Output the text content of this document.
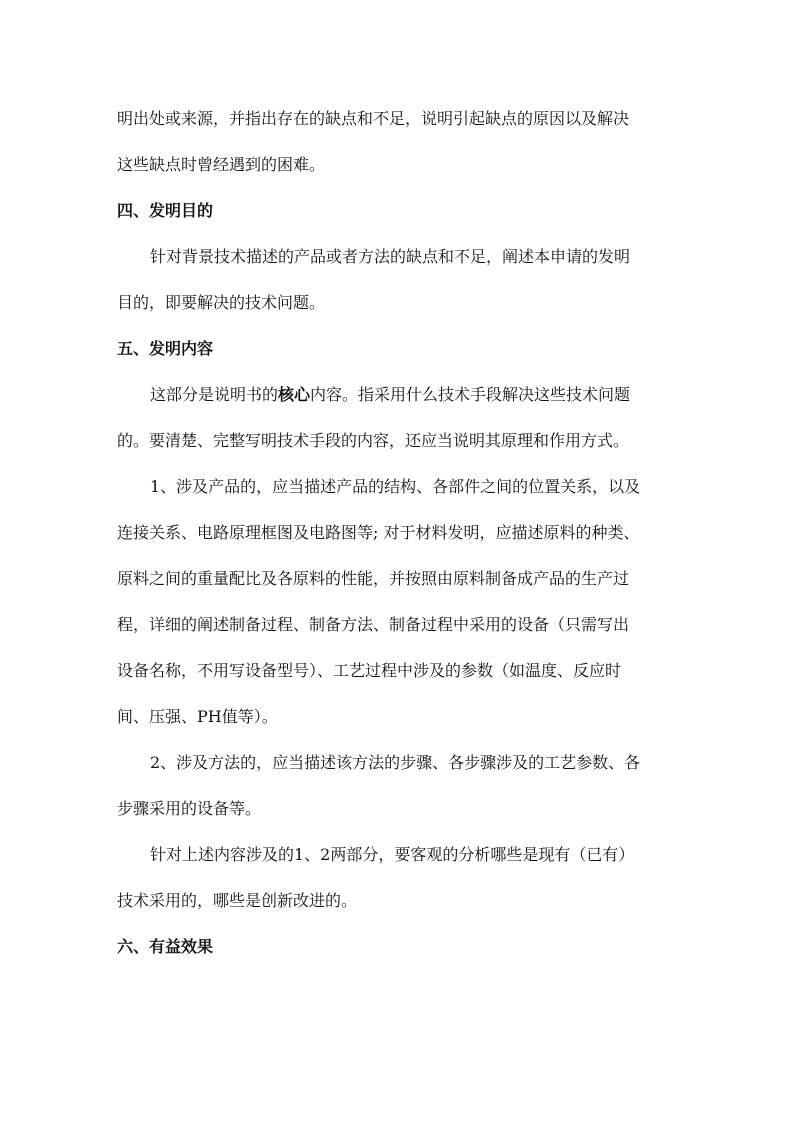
明出处或来源，并指出存在的缺点和不足，说明引起缺点的原因以及解决
这些缺点时曾经遇到的困难。
四、发明目的
针对背景技术描述的产品或者方法的缺点和不足，阐述本申请的发明
目的，即要解决的技术问题。
五、发明内容
这部分是说明书的核心内容。指采用什么技术手段解决这些技术问题
的。要清楚、完整写明技术手段的内容，还应当说明其原理和作用方式。
1、涉及产品的，应当描述产品的结构、各部件之间的位置关系，以及
连接关系、电路原理框图及电路图等; 对于材料发明，应描述原料的种类、
原料之间的重量配比及各原料的性能，并按照由原料制备成产品的生产过
程，详细的阐述制备过程、制备方法、制备过程中采用的设备（只需写出
设备名称，不用写设备型号）、工艺过程中涉及的参数（如温度、反应时
间、压强、PH值等）。
2、涉及方法的，应当描述该方法的步骤、各步骤涉及的工艺参数、各
步骤采用的设备等。
针对上述内容涉及的1、2两部分，要客观的分析哪些是现有（已有）
技术采用的，哪些是创新改进的。
六、有益效果
